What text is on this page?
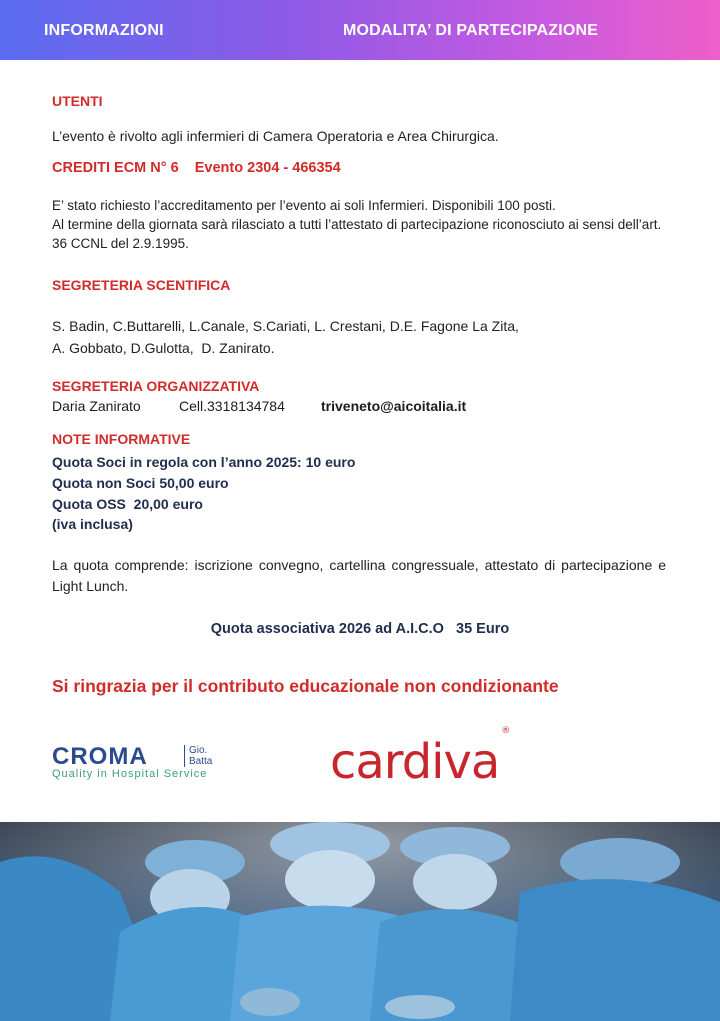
INFORMAZIONI	MODALITA’ DI PARTECIPAZIONE
UTENTI
L’evento è rivolto agli infermieri di Camera Operatoria e Area Chirurgica.
CREDITI ECM N° 6    Evento 2304 - 466354
E’ stato richiesto l’accreditamento per l’evento ai soli Infermieri. Disponibili 100 posti.
Al termine della giornata sarà rilasciato a tutti l’attestato di partecipazione riconosciuto ai sensi dell’art. 36 CCNL del 2.9.1995.
SEGRETERIA SCENTIFICA
S. Badin, C.Buttarelli, L.Canale, S.Cariati, L. Crestani, D.E. Fagone La Zita,
A. Gobbato, D.Gulotta,  D. Zanirato.
SEGRETERIA ORGANIZZATIVA
Daria Zanirato	Cell.3318134784	triveneto@aicoitalia.it
NOTE INFORMATIVE
Quota Soci in regola con l’anno 2025: 10 euro
Quota non Soci 50,00 euro
Quota OSS  20,00 euro
(iva inclusa)
La quota comprende: iscrizione convegno, cartellina congressuale, attestato di partecipazione e Light Lunch.
Quota associativa 2026 ad A.I.C.O   35 Euro
Si ringrazia per il contributo educazionale non condizionante
CROMA	Gio.
Batta
Quality in Hospital Service	cardiva®
